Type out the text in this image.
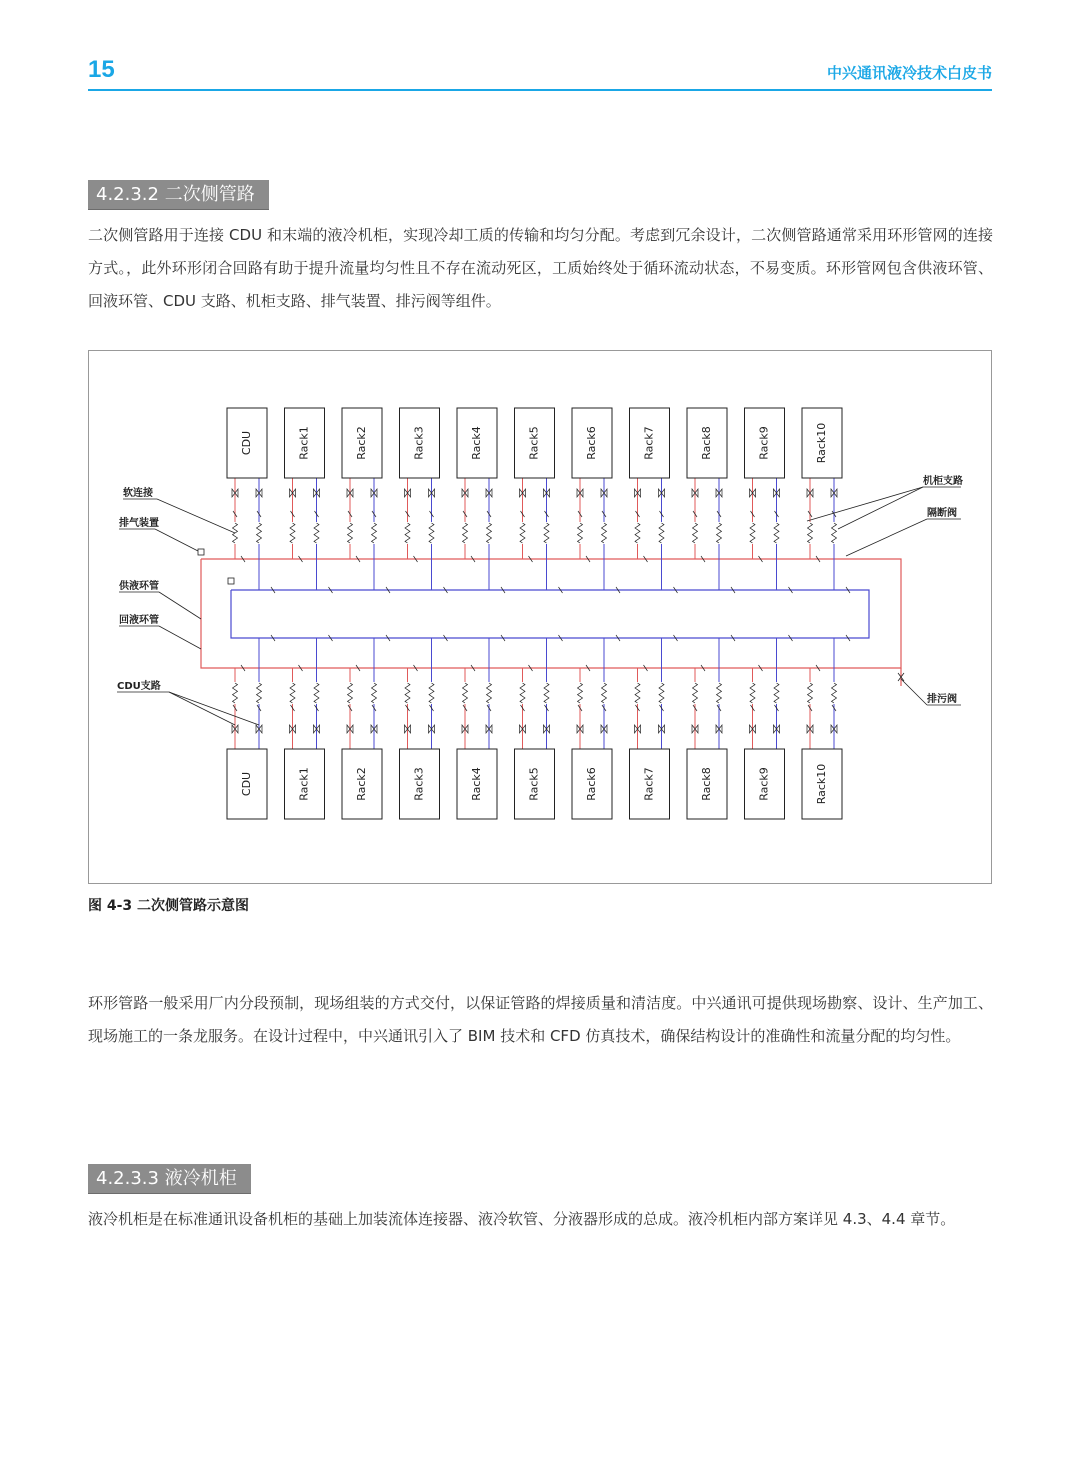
15	中兴通讯液冷技术白皮书
4.2.3.2 二次侧管路

二次侧管路用于连接 CDU 和末端的液冷机柜，实现冷却工质的传输和均匀分配。考虑到冗余设计，二次侧管路通常采用环形管网的连接方式。，此外环形闭合回路有助于提升流量均匀性且不存在流动死区，工质始终处于循环流动状态，不易变质。环形管网包含供液环管、回液环管、CDU 支路、机柜支路、排气装置、排污阀等组件。

CDU	Rack1	Rack2	Rack3	Rack4	Rack5	Rack6	Rack7	Rack8	Rack9	Rack10
CDU	Rack1	Rack2	Rack3	Rack4	Rack5	Rack6	Rack7	Rack8	Rack9	Rack10
软连接
排气装置
供液环管
回液环管
CDU支路
机柜支路
隔断阀
排污阀
图 4-3 二次侧管路示意图

环形管路一般采用厂内分段预制，现场组装的方式交付，以保证管路的焊接质量和清洁度。中兴通讯可提供现场勘察、设计、生产加工、现场施工的一条龙服务。在设计过程中，中兴通讯引入了 BIM 技术和 CFD 仿真技术，确保结构设计的准确性和流量分配的均匀性。

4.2.3.3 液冷机柜

液冷机柜是在标准通讯设备机柜的基础上加装流体连接器、液冷软管、分液器形成的总成。液冷机柜内部方案详见 4.3、4.4 章节。
